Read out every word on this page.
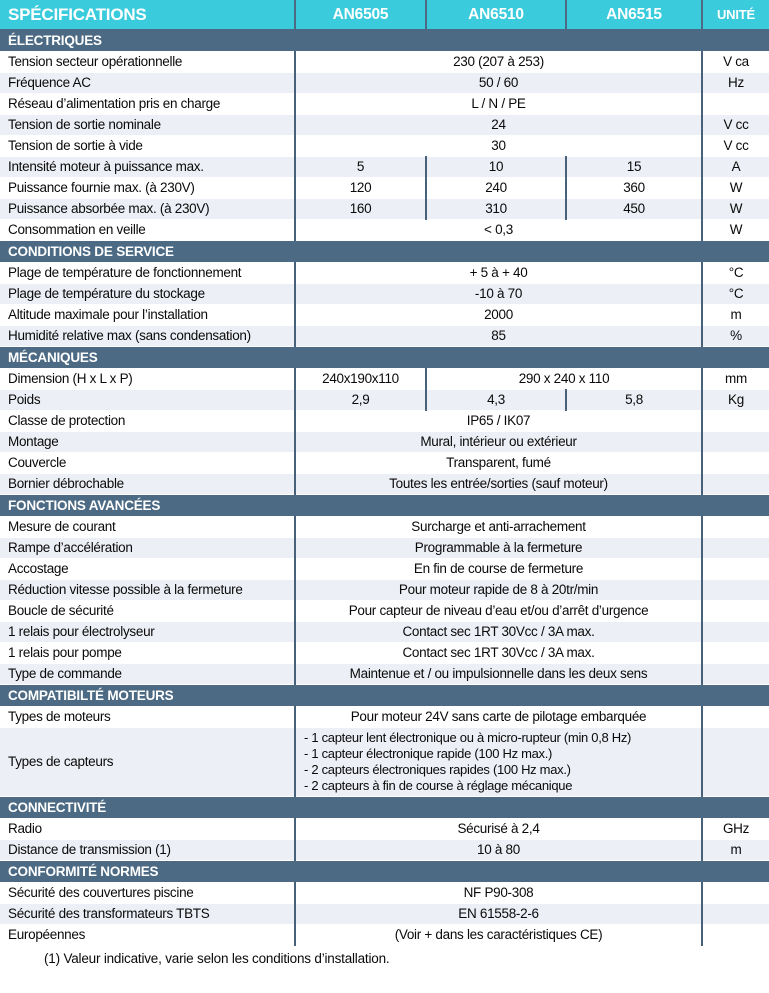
SPÉCIFICATIONS	AN6505	AN6510	AN6515	UNITÉ
ÉLECTRIQUES				
Tension secteur opérationnelle	230 (207 à 253)			V ca
Fréquence AC	50 / 60			Hz
Réseau d’alimentation pris en charge	L / N / PE			
Tension de sortie nominale	24			V cc
Tension de sortie à vide	30			V cc
Intensité moteur à puissance max.	5	10	15	A
Puissance fournie max. (à 230V)	120	240	360	W
Puissance absorbée max. (à 230V)	160	310	450	W
Consommation en veille	< 0,3			W
CONDITIONS DE SERVICE				
Plage de température de fonctionnement	+ 5 à + 40			°C
Plage de température du stockage	-10 à 70			°C
Altitude maximale pour l’installation	2000			m
Humidité relative max (sans condensation)	85			%
MÉCANIQUES				
Dimension (H x L x P)	240x190x110	290 x 240 x 110		mm
Poids	2,9	4,3	5,8	Kg
Classe de protection	IP65 / IK07			
Montage	Mural, intérieur ou extérieur			
Couvercle	Transparent, fumé			
Bornier débrochable	Toutes les entrée/sorties (sauf moteur)			
FONCTIONS AVANCÉES				
Mesure de courant	Surcharge et anti-arrachement			
Rampe d’accélération	Programmable à la fermeture			
Accostage	En fin de course de fermeture			
Réduction vitesse possible à la fermeture	Pour moteur rapide de 8 à 20tr/min			
Boucle de sécurité	Pour capteur de niveau d’eau et/ou d’arrêt d’urgence			
1 relais pour électrolyseur	Contact sec 1RT 30Vcc / 3A max.			
1 relais pour pompe	Contact sec 1RT 30Vcc / 3A max.			
Type de commande	Maintenue et / ou impulsionnelle dans les deux sens			
COMPATIBILTÉ MOTEURS				
Types de moteurs	Pour moteur 24V sans carte de pilotage embarquée			
Types de capteurs	- 1 capteur lent électronique ou à micro-rupteur (min 0,8 Hz)
- 1 capteur électronique rapide (100 Hz max.)
- 2 capteurs électroniques rapides (100 Hz max.)
- 2 capteurs à fin de course à réglage mécanique			

CONNECTIVITÉ				
Radio	Sécurisé à 2,4			GHz
Distance de transmission (1)	10 à 80			m
CONFORMITÉ NORMES				
Sécurité des couvertures piscine	NF P90-308			
Sécurité des transformateurs TBTS	EN 61558-2-6			
Européennes	(Voir + dans les caractéristiques CE)			
(1) Valeur indicative, varie selon les conditions d’installation.
